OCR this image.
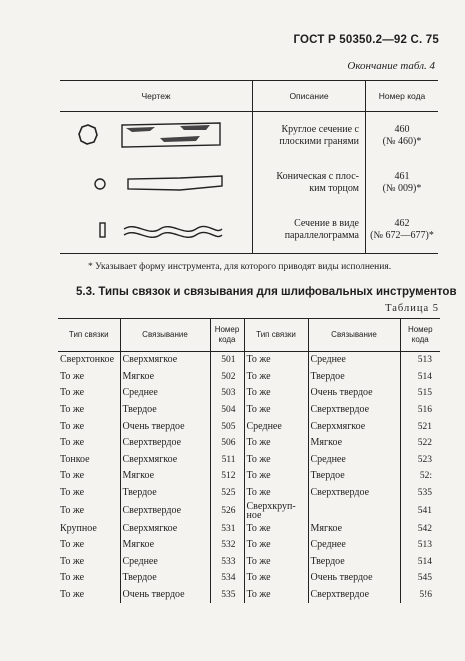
ГОСТ Р 50350.2—92 С. 75
Окончание табл. 4
Чертеж	Описание	Номер кода

	Круглое сечение с
плоскими гранями	460
(№ 460)*

	Коническая с плос-
ким торцом	461
(№ 009)*

	Сечение в виде
параллелограмма	462
(№ 672—677)*
* Указывает форму инструмента, для которого приводят виды исполнения.
5.3. Типы связок и связывания для шлифовальных инструментов
Таблица 5
Тип связки	Связывание	Номер кода	Тип связки	Связывание	Номер кода
Сверхтонкое	Сверхмягкое	501	То же	Среднее	513
То же	Мягкое	502	То же	Твердое	514
То же	Среднее	503	То же	Очень твердое	515
То же	Твердое	504	То же	Сверхтвердое	516
То же	Очень твердое	505	Среднее	Сверхмягкое	521
То же	Сверхтвердое	506	То же	Мягкое	522
Тонкое	Сверхмягкое	511	То же	Среднее	523
То же	Мягкое	512	То же	Твердое	52:
То же	Твердое	525	То же	Сверхтвердое	535
То же	Сверхтвердое	526	Сверхкруп-ное		541
Крупное	Сверхмягкое	531	То же	Мягкое	542
То же	Мягкое	532	То же	Среднее	513
То же	Среднее	533	То же	Твердое	514
То же	Твердое	534	То же	Очень твердое	545
То же	Очень твердое	535	То же	Сверхтвердое	5!6
